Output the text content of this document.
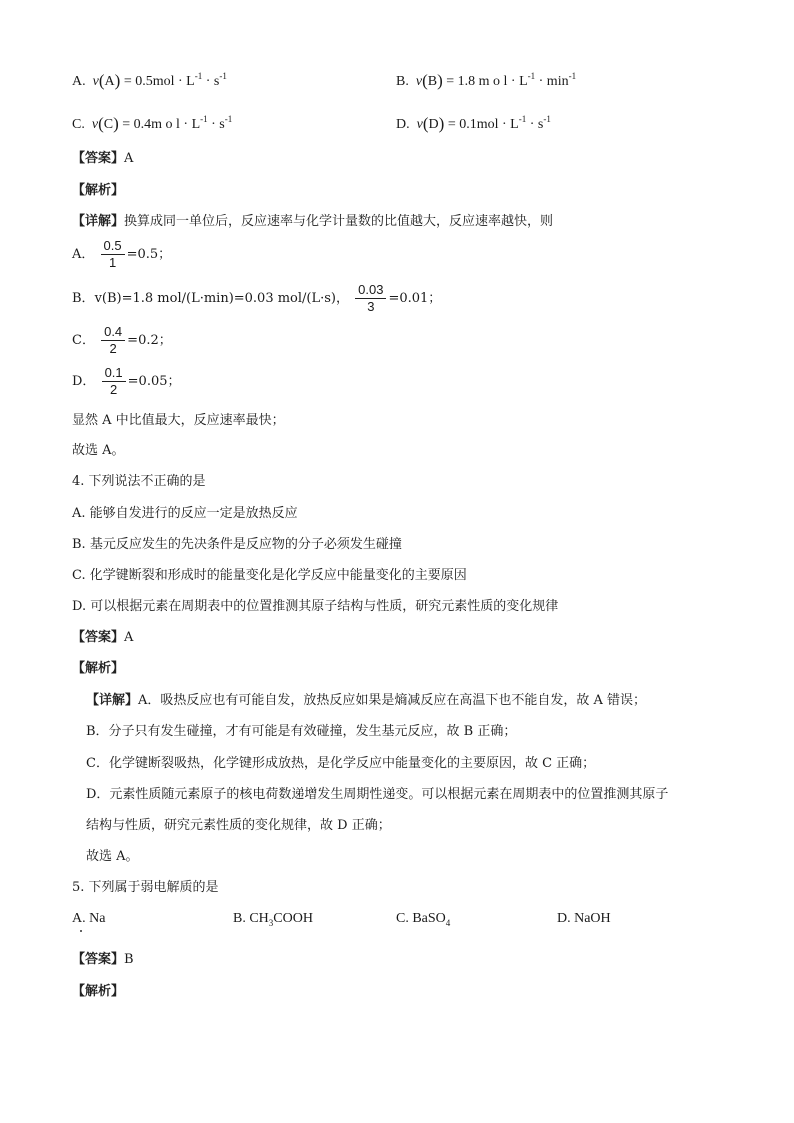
A. $v(A) = 0.5mol \cdot L^{-1} \cdot s^{-1}$	B. v(B) = 1.8 m o $l \cdot L^{-1} \cdot \min^{-1}$
C. v(C) = 0.4m o $l \cdot L^{-1} \cdot s^{-1}$	D. $v(D) = 0.1mol \cdot L^{-1} \cdot s^{-1}$
【答案】A
【解析】
【详解】换算成同一单位后，反应速率与化学计量数的比值越大，反应速率越快，则
A． $\frac{0.5}{1} =0.5$；
B．v(B)=1.8 mol/(L·min)=0.03 mol/(L·s)， $\frac{0.03}{3} =0.01$；
C． $\frac{0.4}{2} =0.2$；
D． $\frac{0.1}{2} =0.05$；
显然 A 中比值最大，反应速率最快；
故选 A。
4. 下列说法不正确的是
A. 能够自发进行的反应一定是放热反应
B. 基元反应发生的先决条件是反应物的分子必须发生碰撞
C. 化学键断裂和形成时的能量变化是化学反应中能量变化的主要原因
D. 可以根据元素在周期表中的位置推测其原子结构与性质，研究元素性质的变化规律
【答案】A
【解析】
【详解】A．吸热反应也有可能自发，放热反应如果是熵减反应在高温下也不能自发，故 A 错误；
B．分子只有发生碰撞，才有可能是有效碰撞，发生基元反应，故 B 正确；
C．化学键断裂吸热，化学键形成放热，是化学反应中能量变化的主要原因，故 C 正确；
D．元素性质随元素原子的核电荷数递增发生周期性递变。可以根据元素在周期表中的位置推测其原子
结构与性质，研究元素性质的变化规律，故 D 正确；
故选 A。
5. 下列属于弱电解质的是
A. Na	B. $CH_3COOH$	C. BaSO$_4$	D. NaOH
【答案】B
【解析】
